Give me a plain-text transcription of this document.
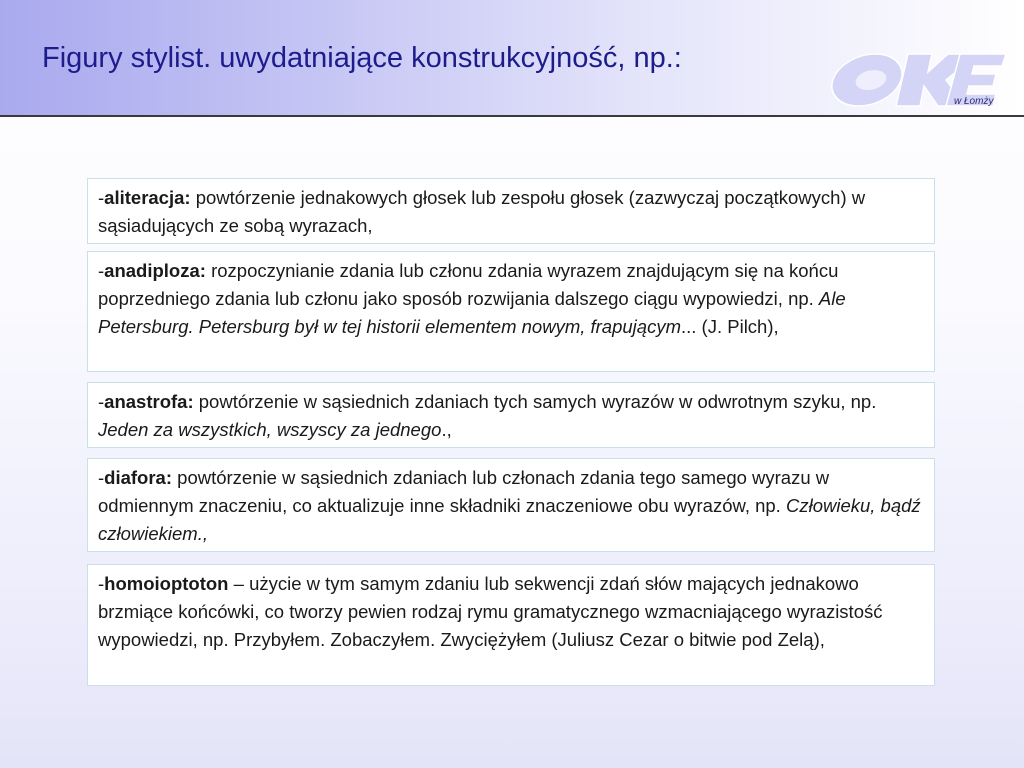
Figury stylist. uwydatniające konstrukcyjność, np.:	OKE
w Łomży
-aliteracja: powtórzenie jednakowych głosek lub zespołu głosek (zazwyczaj początkowych) w sąsiadujących ze sobą wyrazach,
-anadiploza: rozpoczynianie zdania lub członu zdania wyrazem znajdującym się na końcu poprzedniego zdania lub członu jako sposób rozwijania dalszego ciągu wypowiedzi, np. Ale Petersburg. Petersburg był w tej historii elementem nowym, frapującym... (J. Pilch),
-anastrofa: powtórzenie w sąsiednich zdaniach tych samych wyrazów w odwrotnym szyku, np. Jeden za wszystkich, wszyscy za jednego.,
-diafora: powtórzenie w sąsiednich zdaniach lub członach zdania tego samego wyrazu w odmiennym znaczeniu, co aktualizuje inne składniki znaczeniowe obu wyrazów, np. Człowieku, bądź człowiekiem.,
-homoioptoton – użycie w tym samym zdaniu lub sekwencji zdań słów mających jednakowo brzmiące końcówki, co tworzy pewien rodzaj rymu gramatycznego wzmacniającego wyrazistość wypowiedzi, np. Przybyłem. Zobaczyłem. Zwyciężyłem (Juliusz Cezar o bitwie pod Zelą),
